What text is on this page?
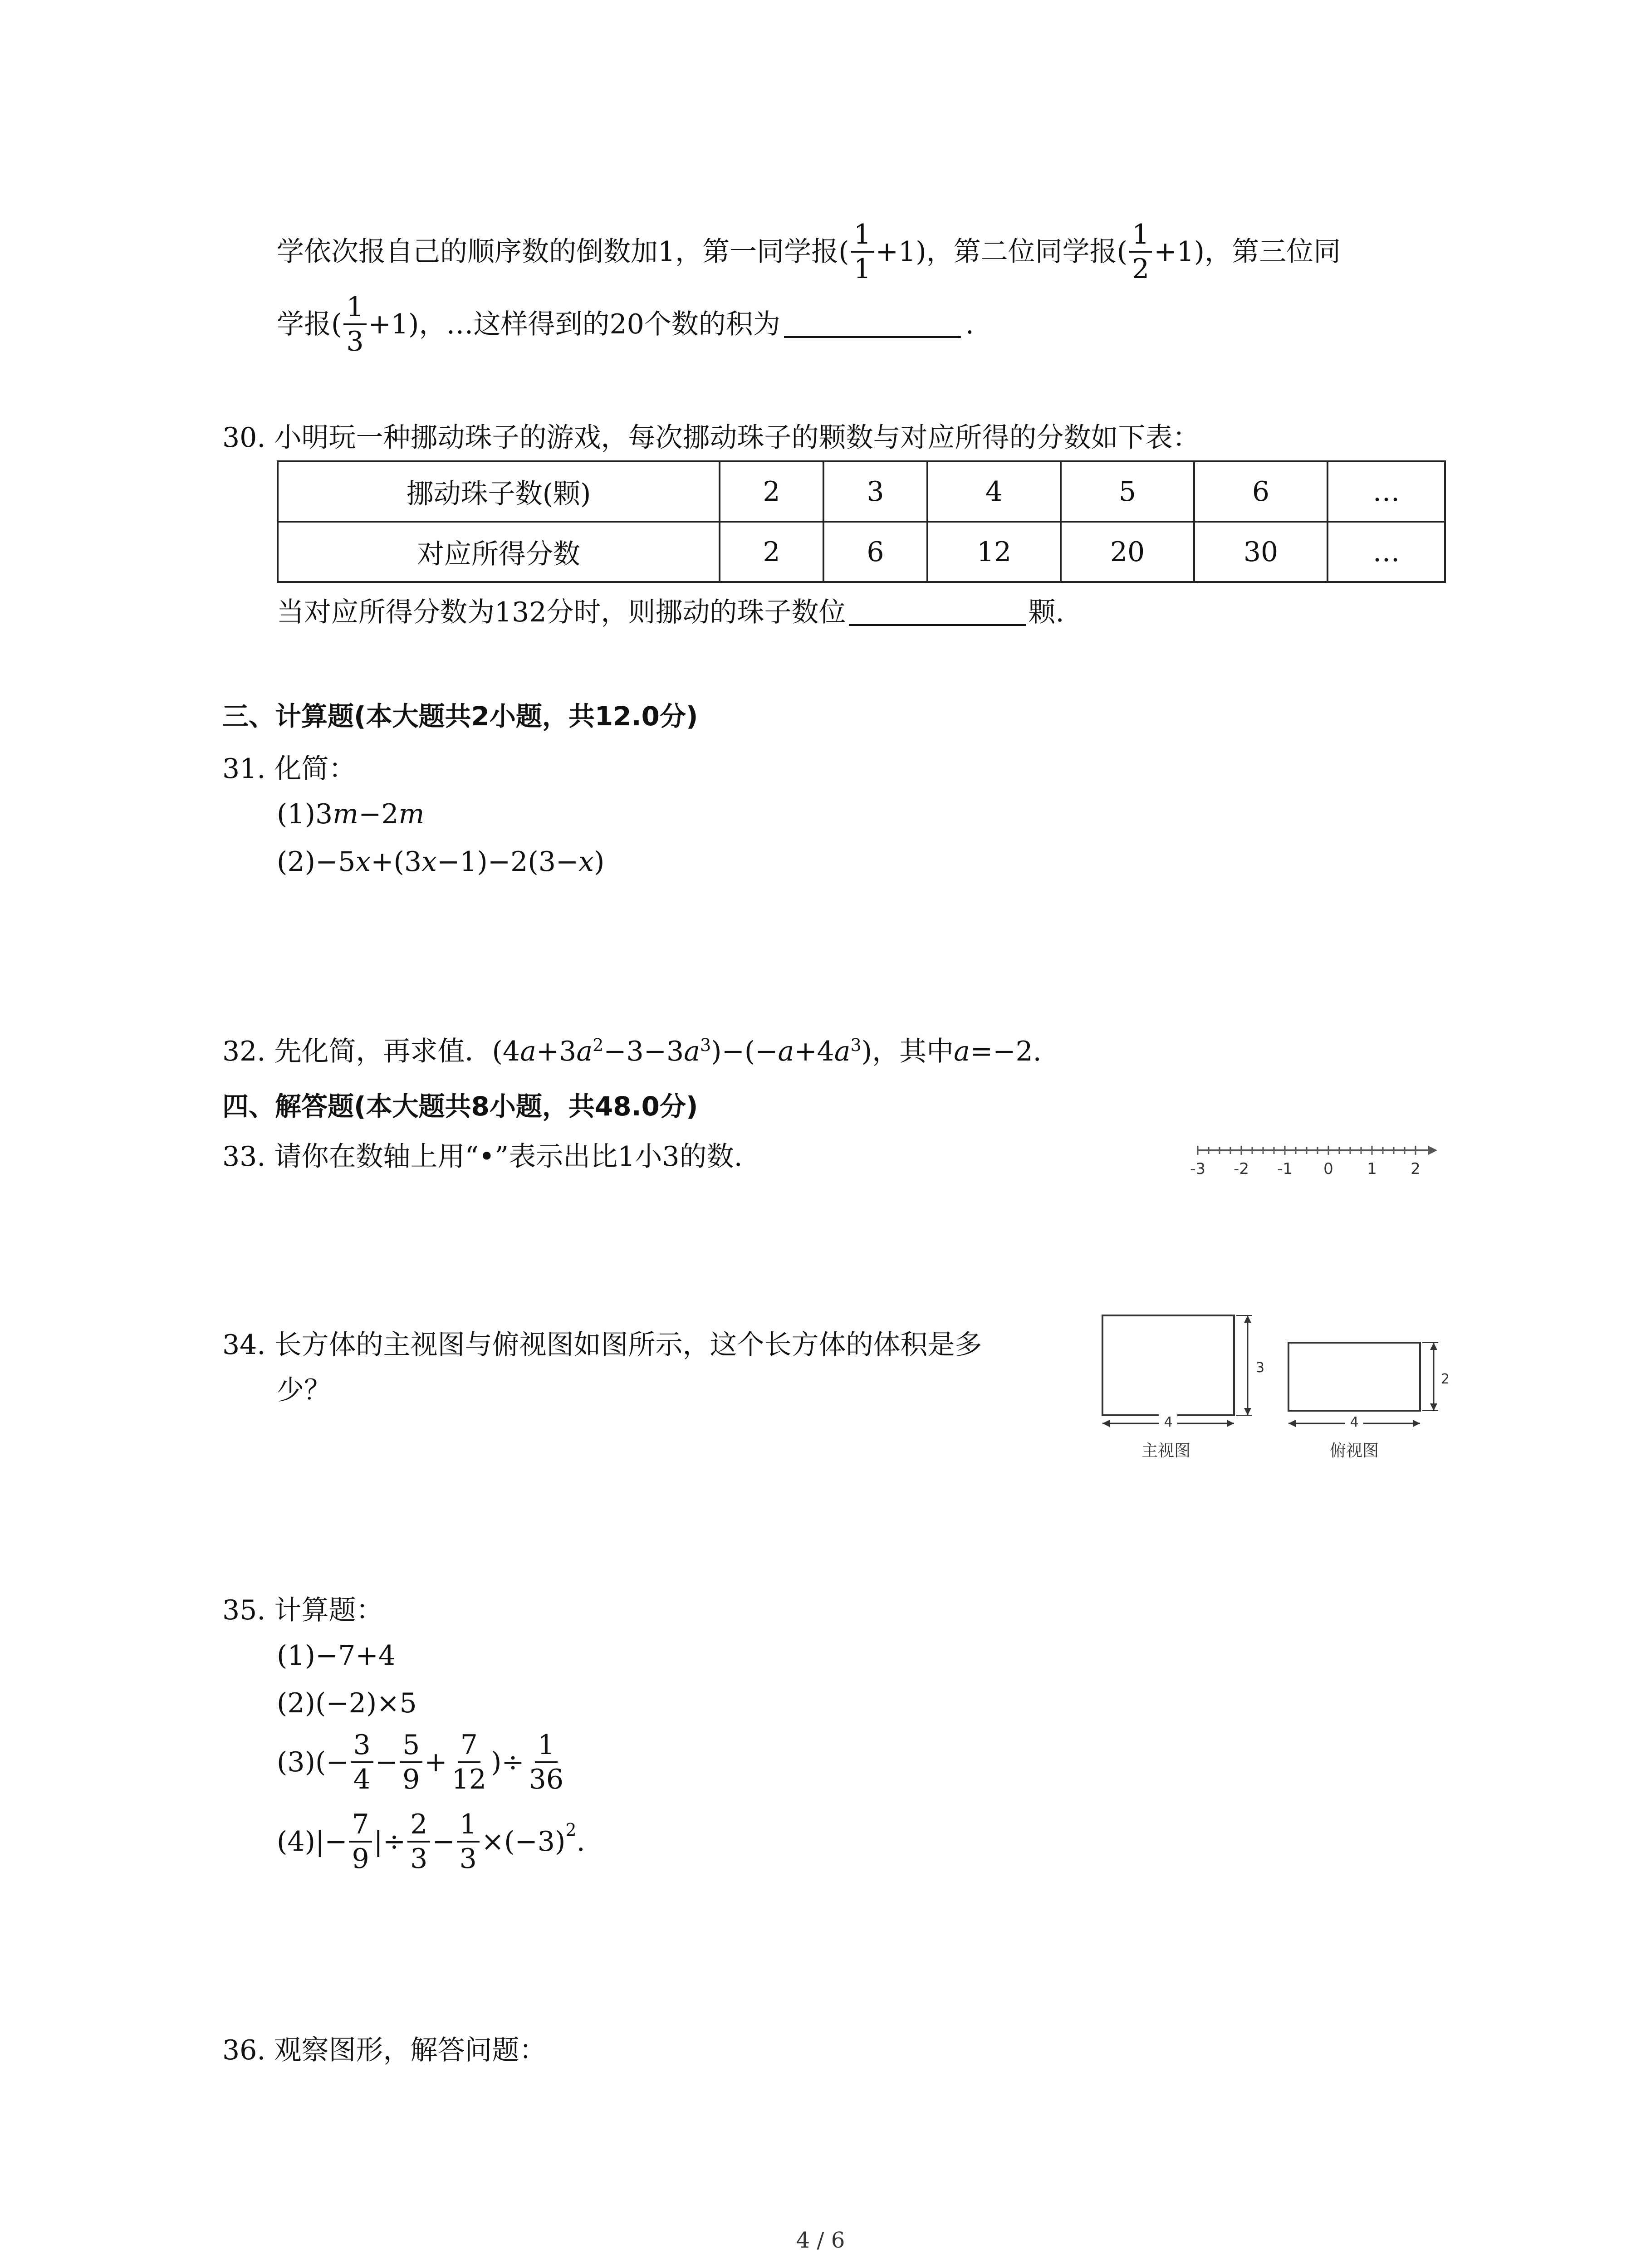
学依次报自己的顺序数的倒数加1，第一同学报( $\frac{1}{1} +1$)，第二位同学报( $\frac{1}{2} +1$)，第三位同
学报( $\frac{1}{3} +1$)，…这样得到的20个数的积为	.
30. 小明玩一种挪动珠子的游戏，每次挪动珠子的颗数与对应所得的分数如下表：
挪动珠子数(颗)	2	3	4	5	6	…
对应所得分数	2	6	12	20	30	…
当对应所得分数为132分时，则挪动的珠子数位	颗.
三、计算题(本大题共2小题，共12.0分)
31. 化简：
(1)3m−2m
(2)−5x+(3x−1)−2(3−x)
32. 先化简，再求值．$(4a+3a^2-3-3a^3)-(-a+4a^3)$，其中a=−2.
四、解答题(本大题共8小题，共48.0分)
33. 请你在数轴上用“•”表示出比1小3的数.	-3 -2 -1 0 1 2
34. 长方体的主视图与俯视图如图所示，这个长方体的体积是多
少？
3
4
主视图
2
4
俯视图
35. 计算题：
(1)−7+4
(2)(−2)×5
$(3)(- \frac{3}{4} - \frac{5}{9} + \frac{7}{12}$ )÷ $\frac{1}{36}$
$(4)|- \frac{7}{9}$ |÷ $\frac{2}{3} - \frac{1}{3} \times(-3)^2$ .
36. 观察图形，解答问题：
4 / 6
